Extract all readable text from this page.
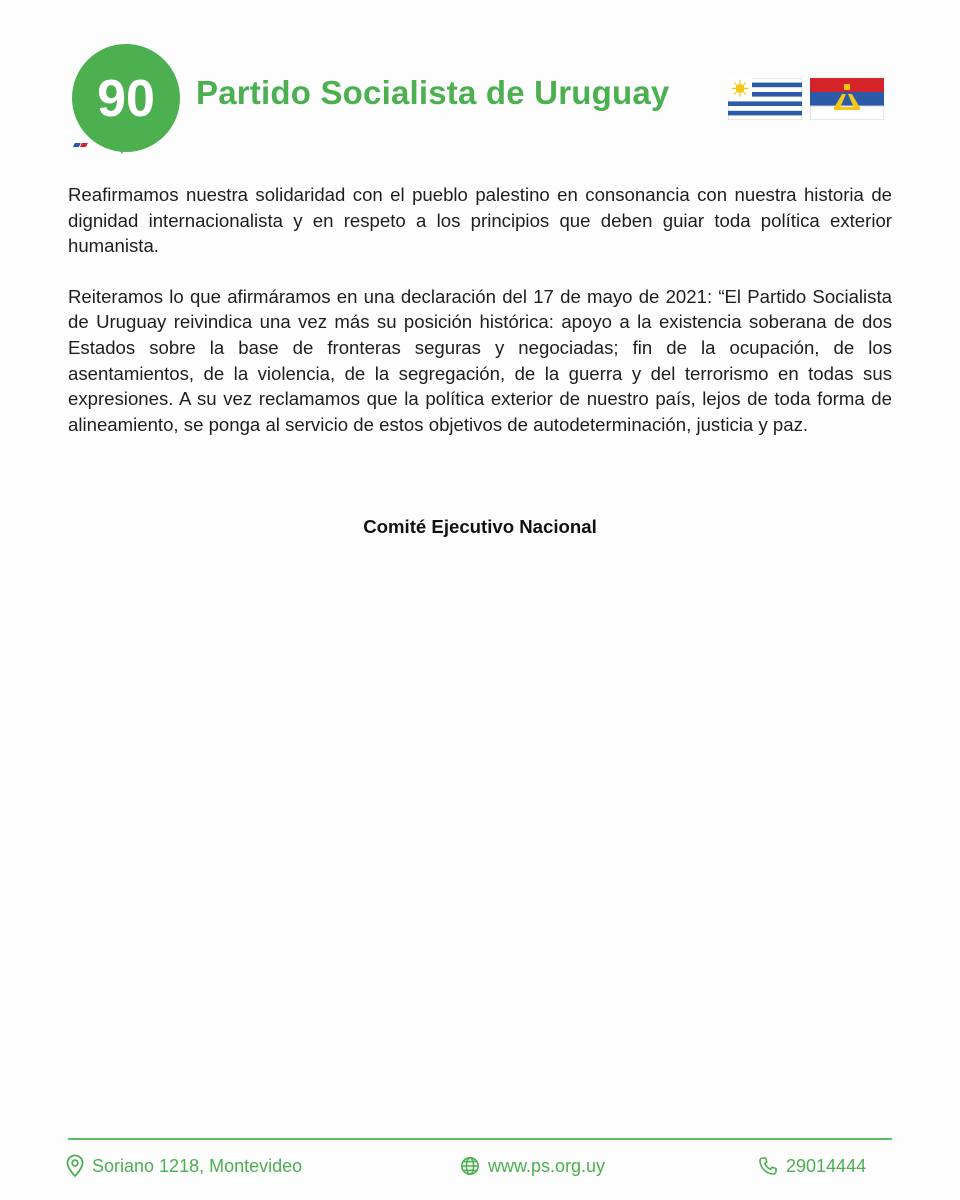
90 Partido Socialista de Uruguay

Reafirmamos nuestra solidaridad con el pueblo palestino en consonancia con nuestra historia de dignidad internacionalista y en respeto a los principios que deben guiar toda política exterior humanista.

Reiteramos lo que afirmáramos en una declaración del 17 de mayo de 2021: “El Partido Socialista de Uruguay reivindica una vez más su posición histórica: apoyo a la existencia soberana de dos Estados sobre la base de fronteras seguras y negociadas; fin de la ocupación, de los asentamientos, de la violencia, de la segregación, de la guerra y del terrorismo en todas sus expresiones. A su vez reclamamos que la política exterior de nuestro país, lejos de toda forma de alineamiento, se ponga al servicio de estos objetivos de autodeterminación, justicia y paz.

Comité Ejecutivo Nacional
Soriano 1218, Montevideo	www.ps.org.uy	29014444
